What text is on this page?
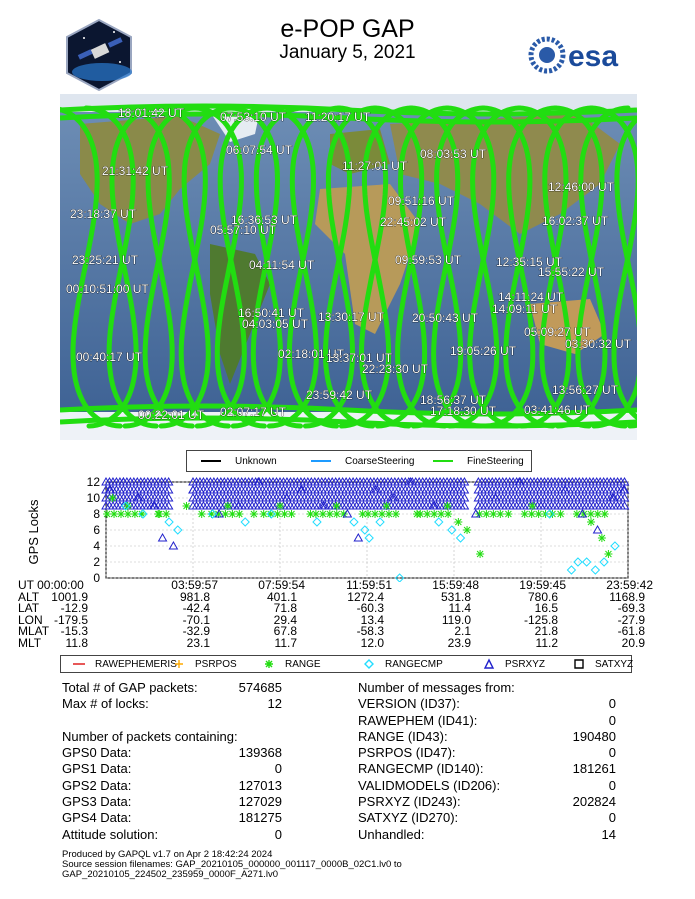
e-POP GAP
January 5, 2021	esa
18:01:42 UT	07:53:10 UT 11:20:17 UT
06:07:54 UT	08:03:53 UT
11:27:01 UT
21:31:42 UT
12:46:00 UT
09:51:16 UT
23:18:37 UT	16:02:37 UT
16:36:53 UT	22:45:02 UT
05:57:10 UT
23:25:21 UT	09:59:53 UT	12:35:15 UT
04:11:54 UT	15:55:22 UT
00:10:51:00 UT
14:11:24 UT
14:09:11 UT
16:50:41 UT 13:30:17 UT 20:50:43 UT
04:03:05 UT
05:09:27 UT
03:30:32 UT
19:05:26 UT
02:18:01 UT
00:40:17 UT	13:37:01 UT
22:23:30 UT
13:56:27 UT
23:59:42 UT	18:56:37 UT
03:41:46 UT
02:07:17 UT	17:18:30 UT
00:22:01 UT
Unknown	CoarseSteering	FineSteering
GPS Locks
0
2
4
6
8
10
12
UT 00:00:00	03:59:57	07:59:54	11:59:51	15:59:48	19:59:45	23:59:42
ALT	1001.9	981.8	401.1	1272.4	531.8	780.6	1168.9
LAT	-12.9	-42.4	71.8	-60.3	11.4	16.5	-69.3
LON -179.5	-70.1	29.4	13.4	119.0	-125.8	-27.9
MLAT -15.3	-32.9	67.8	-58.3	2.1	21.8	-61.8
MLT	11.8	23.1	11.7	12.0	23.9	11.2	20.9
RAWEPHEMERIS PSRPOS	RANGE	RANGECMP	PSRXYZ	SATXYZ
Total # of GAP packets:	574685
Max # of locks:	12
Number of packets containing:
GPS0 Data:	139368
GPS1 Data:	0
GPS2 Data:	127013
GPS3 Data:	127029
GPS4 Data:	181275
Attitude solution:	0
Number of messages from:
VERSION (ID37):	0
RAWEPHEM (ID41):	0
RANGE (ID43):	190480
PSRPOS (ID47):	0
RANGECMP (ID140):	181261
VALIDMODELS (ID206):	0
PSRXYZ (ID243):	202824
SATXYZ (ID270):	0
Unhandled:	14
Produced by GAPQL v1.7 on Apr 2 18:42:24 2024
Source session filenames: GAP_20210105_000000_001117_0000B_02C1.lv0 to
GAP_20210105_224502_235959_0000F_A271.lv0
